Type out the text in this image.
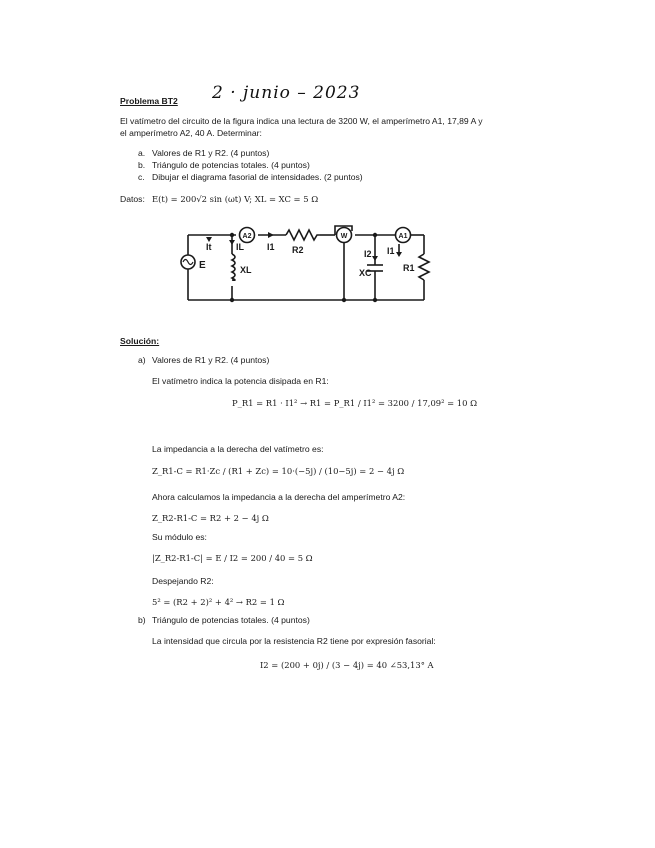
Problema BT2 2 · junio – 2023
El vatímetro del circuito de la figura indica una lectura de 3200 W, el amperímetro A1, 17,89 A y
el amperímetro A2, 40 A. Determinar:
a. Valores de R1 y R2. (4 puntos)
b. Triángulo de potencias totales. (4 puntos)
c. Dibujar el diagrama fasorial de intensidades. (2 puntos)
Datos: E(t) = 200√2 sin (ωt) V; XL = XC = 5 Ω
A2	W	A1
It	IL	I1
E	XL
R2	I2
XC
I1
R1
Solución:
a) Valores de R1 y R2. (4 puntos)
El vatímetro indica la potencia disipada en R1:
P_R1 = R1 · I1² → R1 = P_R1 / I1² = 3200 / 17,09² = 10 Ω
La impedancia a la derecha del vatímetro es:
Z_R1-C = R1·Zc / (R1 + Zc) = 10·(−5j) / (10−5j) = 2 − 4j Ω
Ahora calculamos la impedancia a la derecha del amperímetro A2:
Z_R2-R1-C = R2 + 2 − 4j Ω
Su módulo es:
|Z_R2-R1-C| = E / I2 = 200 / 40 = 5 Ω
Despejando R2:
5² = (R2 + 2)² + 4² → R2 = 1 Ω
b) Triángulo de potencias totales. (4 puntos)
La intensidad que circula por la resistencia R2 tiene por expresión fasorial:
I2 = (200 + 0j) / (3 − 4j) = 40 ∠53,13° A
